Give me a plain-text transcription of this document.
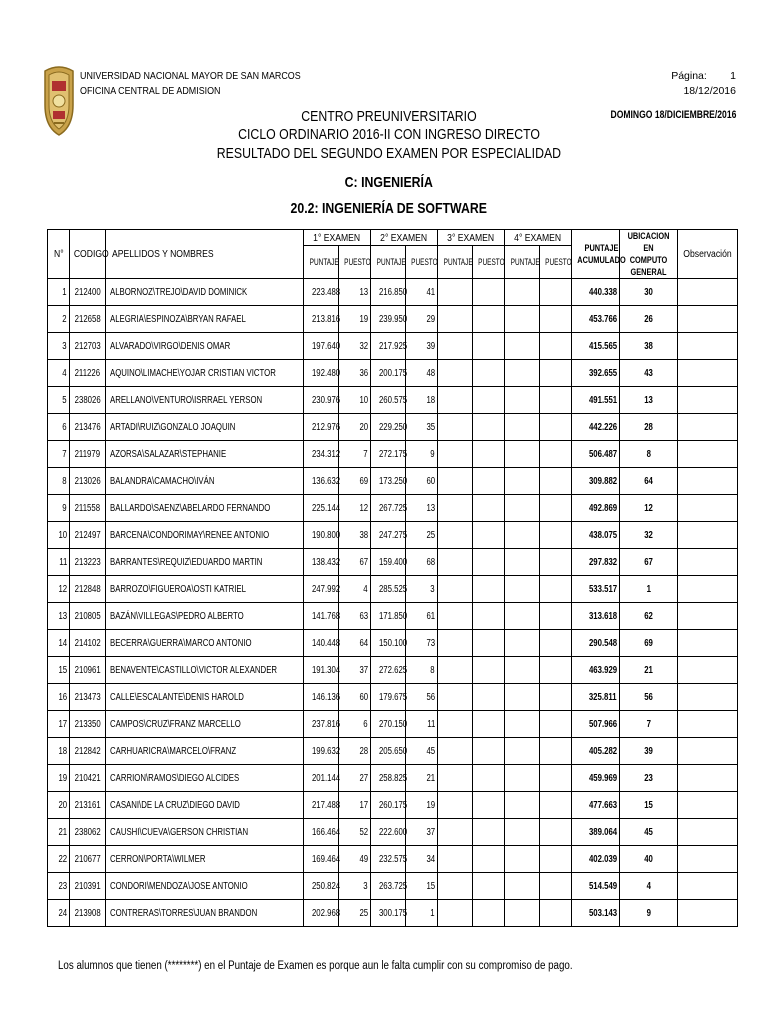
UNIVERSIDAD NACIONAL MAYOR DE SAN MARCOS
OFICINA CENTRAL DE ADMISION
Página: 1
18/12/2016
DOMINGO 18/DICIEMBRE/2016
CENTRO PREUNIVERSITARIO
CICLO ORDINARIO 2016-II CON INGRESO DIRECTO
RESULTADO DEL SEGUNDO EXAMEN POR ESPECIALIDAD
C: INGENIERÍA
20.2: INGENIERÍA DE SOFTWARE
N°	CODIGO	APELLIDOS Y NOMBRES	1° EXAMEN		2° EXAMEN		3° EXAMEN		4° EXAMEN		PUNTAJE ACUMULADO	UBICACION EN COMPUTO GENERAL	Observación
			PUNTAJE	PUESTO	PUNTAJE	PUESTO	PUNTAJE	PUESTO	PUNTAJE	PUESTO			
1	212400	ALBORNOZ\TREJO\DAVID DOMINICK	223.488	13	216.850	41					440.338	30	
2	212658	ALEGRIA\ESPINOZA\BRYAN RAFAEL	213.816	19	239.950	29					453.766	26	
3	212703	ALVARADO\VIRGO\DENIS OMAR	197.640	32	217.925	39					415.565	38	
4	211226	AQUINO\LIMACHE\YOJAR CRISTIAN VICTOR	192.480	36	200.175	48					392.655	43	
5	238026	ARELLANO\VENTURO\ISRRAEL YERSON	230.976	10	260.575	18					491.551	13	
6	213476	ARTADI\RUIZ\GONZALO JOAQUIN	212.976	20	229.250	35					442.226	28	
7	211979	AZORSA\SALAZAR\STEPHANIE	234.312	7	272.175	9					506.487	8	
8	213026	BALANDRA\CAMACHO\IVÁN	136.632	69	173.250	60					309.882	64	
9	211558	BALLARDO\SAENZ\ABELARDO FERNANDO	225.144	12	267.725	13					492.869	12	
10	212497	BARCENA\CONDORIMAY\RENEE ANTONIO	190.800	38	247.275	25					438.075	32	
11	213223	BARRANTES\REQUIZ\EDUARDO MARTIN	138.432	67	159.400	68					297.832	67	
12	212848	BARROZO\FIGUEROA\OSTI KATRIEL	247.992	4	285.525	3					533.517	1	
13	210805	BAZÁN\VILLEGAS\PEDRO ALBERTO	141.768	63	171.850	61					313.618	62	
14	214102	BECERRA\GUERRA\MARCO ANTONIO	140.448	64	150.100	73					290.548	69	
15	210961	BENAVENTE\CASTILLO\VICTOR ALEXANDER	191.304	37	272.625	8					463.929	21	
16	213473	CALLE\ESCALANTE\DENIS HAROLD	146.136	60	179.675	56					325.811	56	
17	213350	CAMPOS\CRUZ\FRANZ MARCELLO	237.816	6	270.150	11					507.966	7	
18	212842	CARHUARICRA\MARCELO\FRANZ	199.632	28	205.650	45					405.282	39	
19	210421	CARRION\RAMOS\DIEGO ALCIDES	201.144	27	258.825	21					459.969	23	
20	213161	CASANI\DE LA CRUZ\DIEGO DAVID	217.488	17	260.175	19					477.663	15	
21	238062	CAUSHI\CUEVA\GERSON CHRISTIAN	166.464	52	222.600	37					389.064	45	
22	210677	CERRON\PORTA\WILMER	169.464	49	232.575	34					402.039	40	
23	210391	CONDORI\MENDOZA\JOSE ANTONIO	250.824	3	263.725	15					514.549	4	
24	213908	CONTRERAS\TORRES\JUAN BRANDON	202.968	25	300.175	1					503.143	9	
Los alumnos que tienen (********) en el Puntaje de Examen es porque aun le falta cumplir con su compromiso de pago.
